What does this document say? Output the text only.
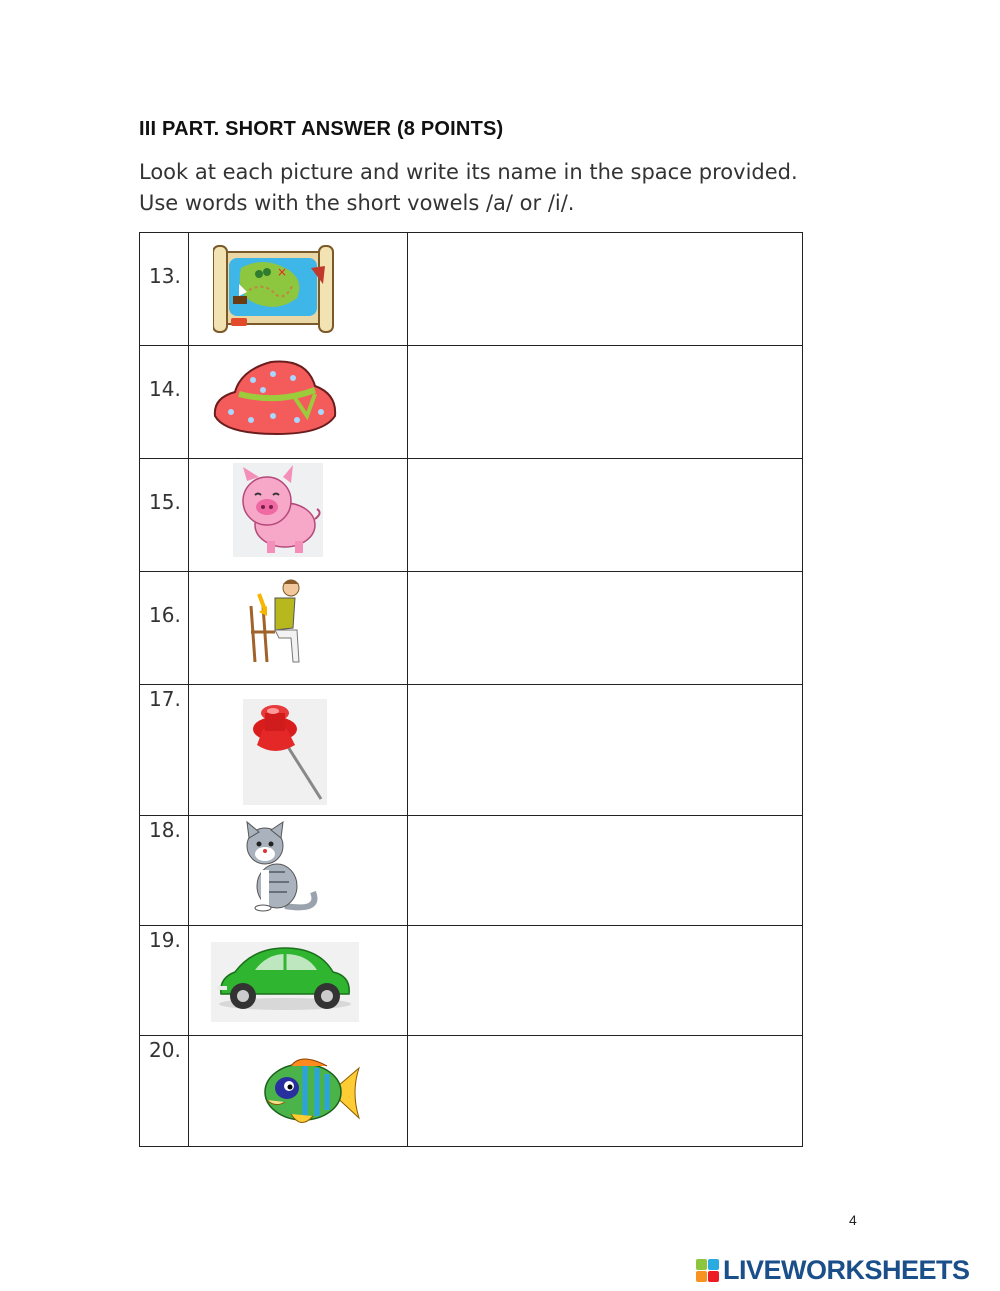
III PART. SHORT ANSWER (8 POINTS)

Look at each picture and write its name in the space provided.

Use words with the short vowels /a/ or /i/.

13.	×	

14.

15.

16.

17.

18.

19.

20.

4
LIVEWORKSHEETS
